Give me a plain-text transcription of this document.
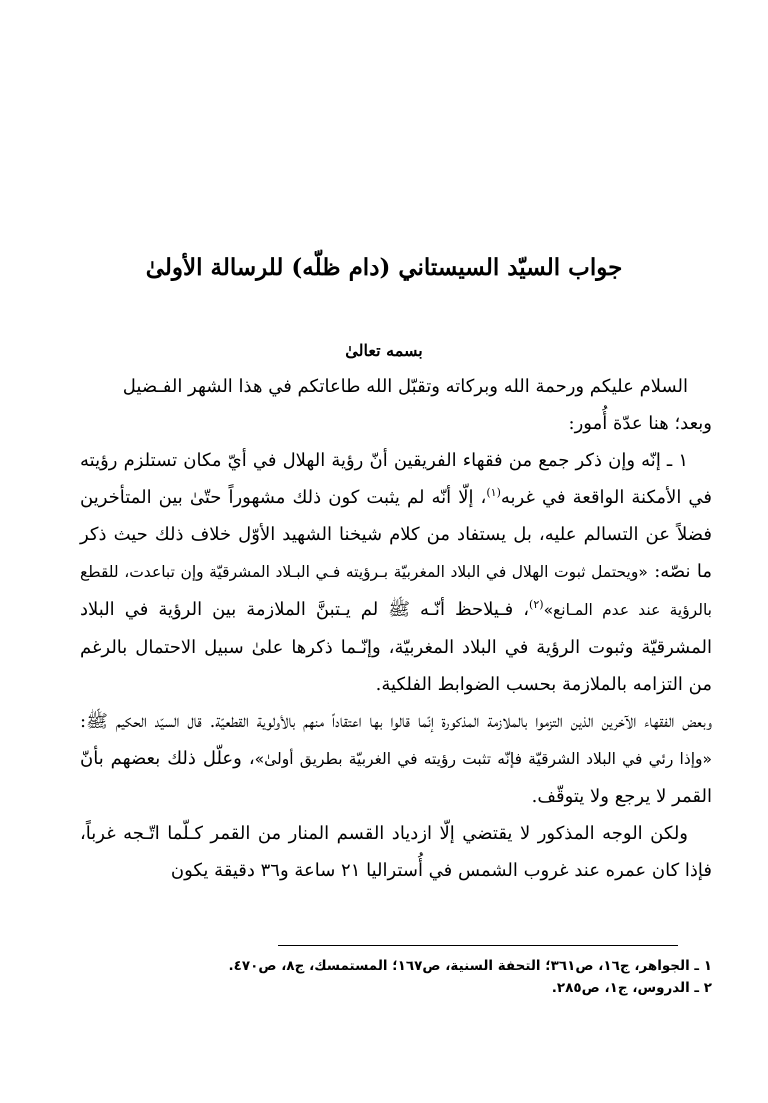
جواب السيّد السيستاني (دام ظلّه) للرسالة الأولىٰ
بسمه تعالىٰ

السلام عليكم ورحمة الله وبركاته وتقبّل الله طاعاتكم في هذا الشهر الفـضيل

وبعد؛ هنا عدّة أُمور:

١ ـ إنّه وإن ذكر جمع من فقهاء الفريقين أنّ رؤية الهلال في أيّ مكان تستلزم رؤيته في الأمكنة الواقعة في غربه$^{(١)}$، إلّا أنّه لم يثبت كون ذلك مشهوراً حتّىٰ بين المتأخرين فضلاً عن التسالم عليه، بل يستفاد من كلام شيخنا الشهيد الأوّل خلاف ذلك حيث ذكر ما نصّه: «ويحتمل ثبوت الهلال في البلاد المغربيّة بـرؤيته فـي البـلاد المشرقيّة وإن تباعدت، للقطع بالرؤية عند عدم المـانع»$^{(٢)}$، فـيلاحظ أنّـه ﷺ لم يـتبنَّ الملازمة بين الرؤية في البلاد المشرقيّة وثبوت الرؤية في البلاد المغربيّة، وإنّـما ذكرها علىٰ سبيل الاحتمال بالرغم من التزامه بالملازمة بحسب الضوابط الفلكية.

وبعض الفقهاء الآخرين الذين التزموا بالملازمة المذكورة إنّما قالوا بها اعتقاداً منهم بالأولوية القطعيّة. قال السيّد الحكيم ﷺ: «وإذا رئي في البلاد الشرقيّة فإنّه تثبت رؤيته في الغربيّة بطريق أولىٰ»، وعلّل ذلك بعضهم بأنّ القمر لا يرجع ولا يتوقّف.

ولكن الوجه المذكور لا يقتضي إلّا ازدياد القسم المنار من القمر كـلّما اتّـجه غرباً، فإذا كان عمره عند غروب الشمس في أُستراليا ٢١ ساعة و٣٦ دقيقة يكون

١ ـ الجواهر، ج١٦، ص٣٦١؛ التحفة السنية، ص١٦٧؛ المستمسك، ج٨، ص٤٧٠.
٢ ـ الدروس، ج١، ص٢٨٥.
